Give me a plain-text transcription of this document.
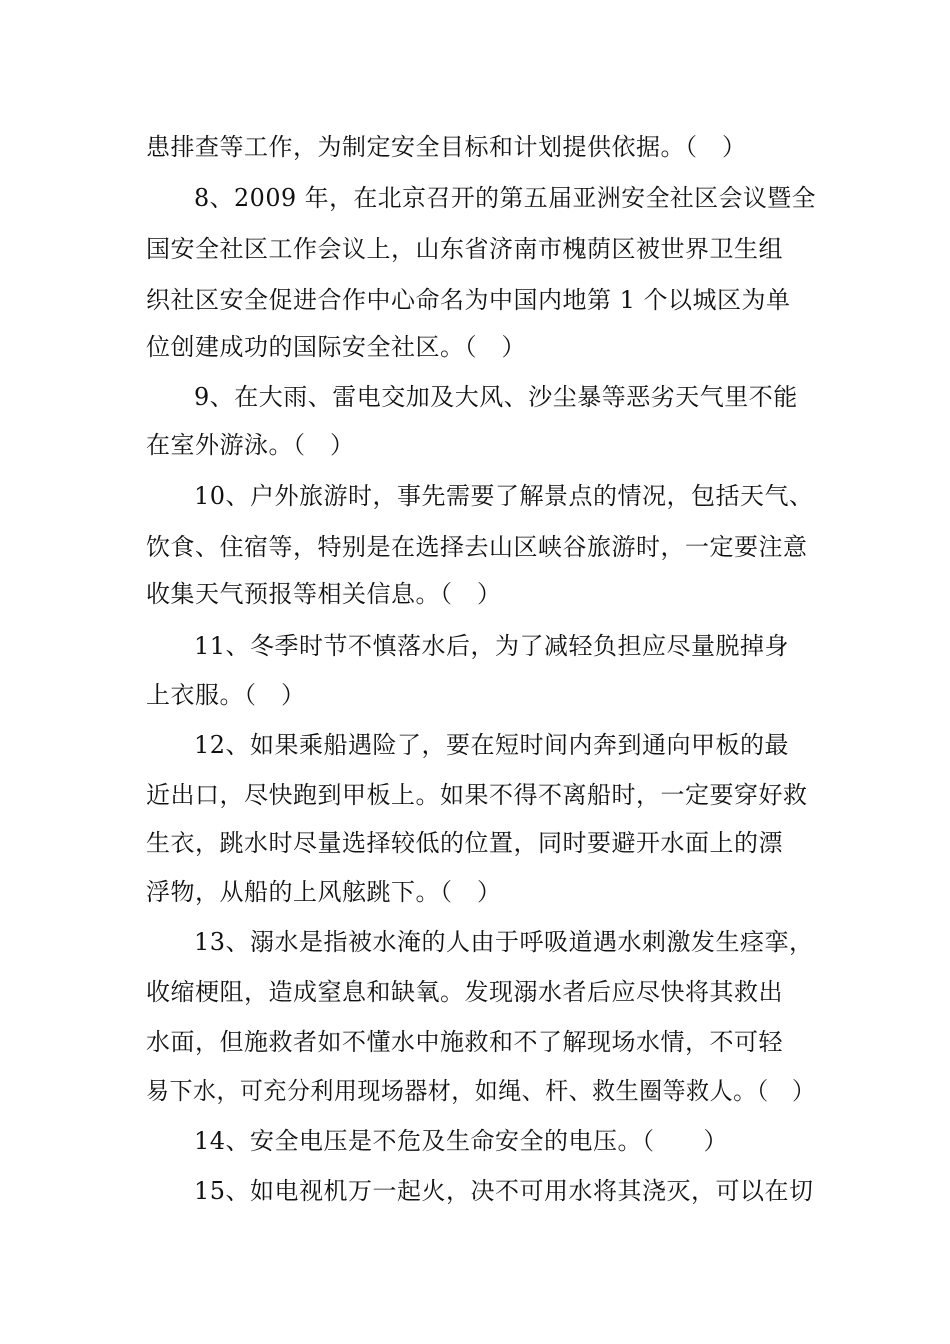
患排查等工作，为制定安全目标和计划提供依据。（　）
8、2009 年，在北京召开的第五届亚洲安全社区会议暨全
国安全社区工作会议上，山东省济南市槐荫区被世界卫生组
织社区安全促进合作中心命名为中国内地第 1 个以城区为单
位创建成功的国际安全社区。（　）
9、在大雨、雷电交加及大风、沙尘暴等恶劣天气里不能
在室外游泳。（　）
10、户外旅游时，事先需要了解景点的情况，包括天气、
饮食、住宿等，特别是在选择去山区峡谷旅游时，一定要注意
收集天气预报等相关信息。（　）
11、冬季时节不慎落水后，为了减轻负担应尽量脱掉身
上衣服。（　）
12、如果乘船遇险了，要在短时间内奔到通向甲板的最
近出口，尽快跑到甲板上。如果不得不离船时，一定要穿好救
生衣，跳水时尽量选择较低的位置，同时要避开水面上的漂
浮物，从船的上风舷跳下。（　）
13、溺水是指被水淹的人由于呼吸道遇水刺激发生痉挛，
收缩梗阻，造成窒息和缺氧。发现溺水者后应尽快将其救出
水面，但施救者如不懂水中施救和不了解现场水情，不可轻
易下水，可充分利用现场器材，如绳、杆、救生圈等救人。（　）
14、安全电压是不危及生命安全的电压。（　　）
15、如电视机万一起火，决不可用水将其浇灭，可以在切
